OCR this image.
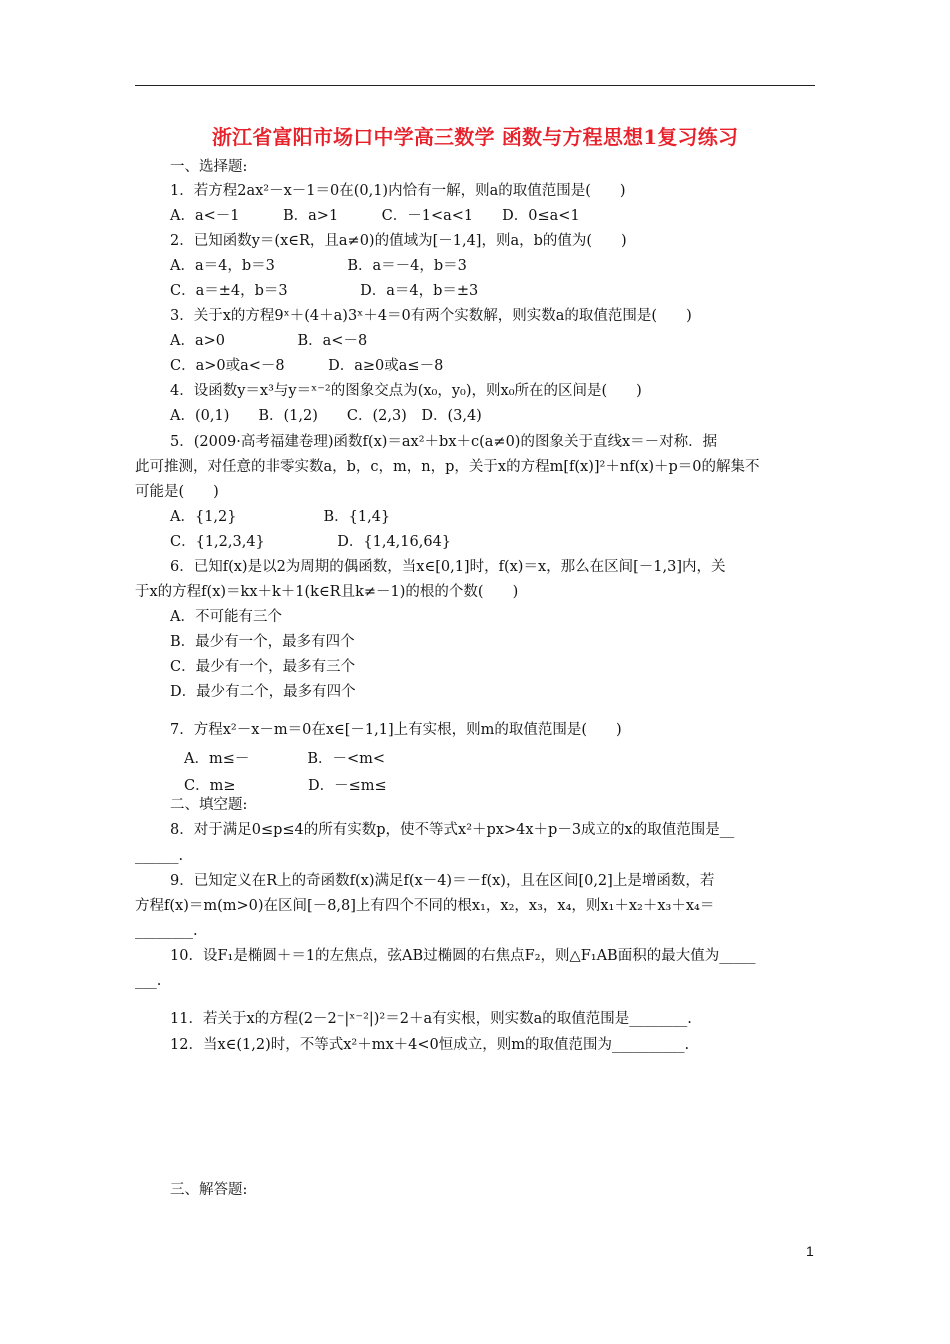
浙江省富阳市场口中学高三数学 函数与方程思想1复习练习
一、选择题:
1．若方程2ax²－x－1＝0在(0,1)内恰有一解，则a的取值范围是(　　)
A．a<－1　　　B．a>1　　　C．－1<a<1　　D．0≤a<1
2．已知函数y＝(x∈R，且a≠0)的值域为[－1,4]，则a，b的值为(　　)
A．a＝4，b＝3　　　　　B．a＝－4，b＝3
C．a＝±4，b＝3　　　　　D．a＝4，b＝±3
3．关于x的方程9ˣ＋(4＋a)3ˣ＋4＝0有两个实数解，则实数a的取值范围是(　　)
A．a>0　　　　　B．a<－8
C．a>0或a<－8　　　D．a≥0或a≤－8
4．设函数y＝x³与y＝ˣ⁻²的图象交点为(x₀，y₀)，则x₀所在的区间是(　　)
A．(0,1)　　B．(1,2)　　C．(2,3)　D．(3,4)
5．(2009·高考福建卷理)函数f(x)＝ax²＋bx＋c(a≠0)的图象关于直线x＝－对称．据
此可推测，对任意的非零实数a，b，c，m，n，p，关于x的方程m[f(x)]²＋nf(x)＋p＝0的解集不
可能是(　　)
A．{1,2}　　　　　　B．{1,4}
C．{1,2,3,4}　　　　　D．{1,4,16,64}
6．已知f(x)是以2为周期的偶函数，当x∈[0,1]时，f(x)＝x，那么在区间[－1,3]内，关
于x的方程f(x)＝kx＋k＋1(k∈R且k≠－1)的根的个数(　　)
A．不可能有三个
B．最少有一个，最多有四个
C．最少有一个，最多有三个
D．最少有二个，最多有四个
7．方程x²－x－m＝0在x∈[－1,1]上有实根，则m的取值范围是(　　)
A．m≤－　　　　B．－<m<
C．m≥　　　　　D．－≤m≤
二、填空题:
8．对于满足0≤p≤4的所有实数p，使不等式x²＋px>4x＋p－3成立的x的取值范围是__
______.
9．已知定义在R上的奇函数f(x)满足f(x－4)＝－f(x)，且在区间[0,2]上是增函数，若
方程f(x)＝m(m>0)在区间[－8,8]上有四个不同的根x₁，x₂，x₃，x₄，则x₁＋x₂＋x₃＋x₄＝
________.
10．设F₁是椭圆＋＝1的左焦点，弦AB过椭圆的右焦点F₂，则△F₁AB面积的最大值为_____
___.
11．若关于x的方程(2－2⁻|ˣ⁻²|)²＝2＋a有实根，则实数a的取值范围是________.
12．当x∈(1,2)时，不等式x²＋mx＋4<0恒成立，则m的取值范围为__________.
三、解答题:
1
